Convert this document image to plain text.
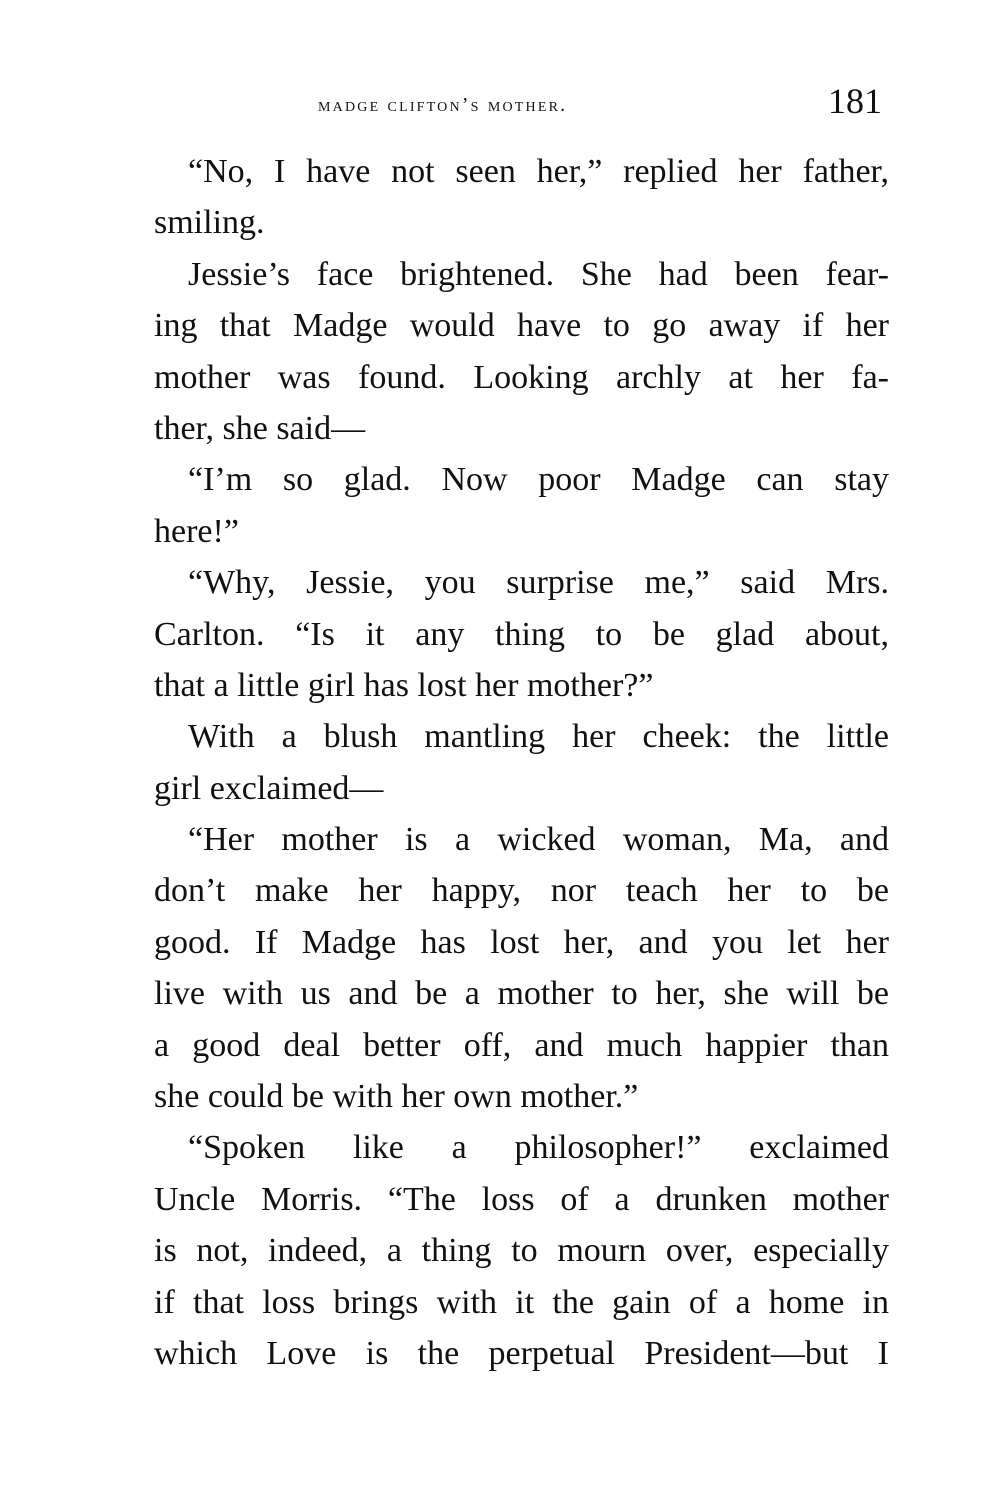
madge clifton’s mother.	181
“No, I have not seen her,” replied her father,
smiling.
Jessie’s face brightened. She had been fear-
ing that Madge would have to go away if her
mother was found. Looking archly at her fa-
ther, she said—
“I’m so glad. Now poor Madge can stay
here!”
“Why, Jessie, you surprise me,” said Mrs.
Carlton. “Is it any thing to be glad about,
that a little girl has lost her mother?”
With a blush mantling her cheek: the little
girl exclaimed—
“Her mother is a wicked woman, Ma, and
don’t make her happy, nor teach her to be
good. If Madge has lost her, and you let her
live with us and be a mother to her, she will be
a good deal better off, and much happier than
she could be with her own mother.”
“Spoken like a philosopher!” exclaimed
Uncle Morris. “The loss of a drunken mother
is not, indeed, a thing to mourn over, especially
if that loss brings with it the gain of a home in
which Love is the perpetual President—but I
